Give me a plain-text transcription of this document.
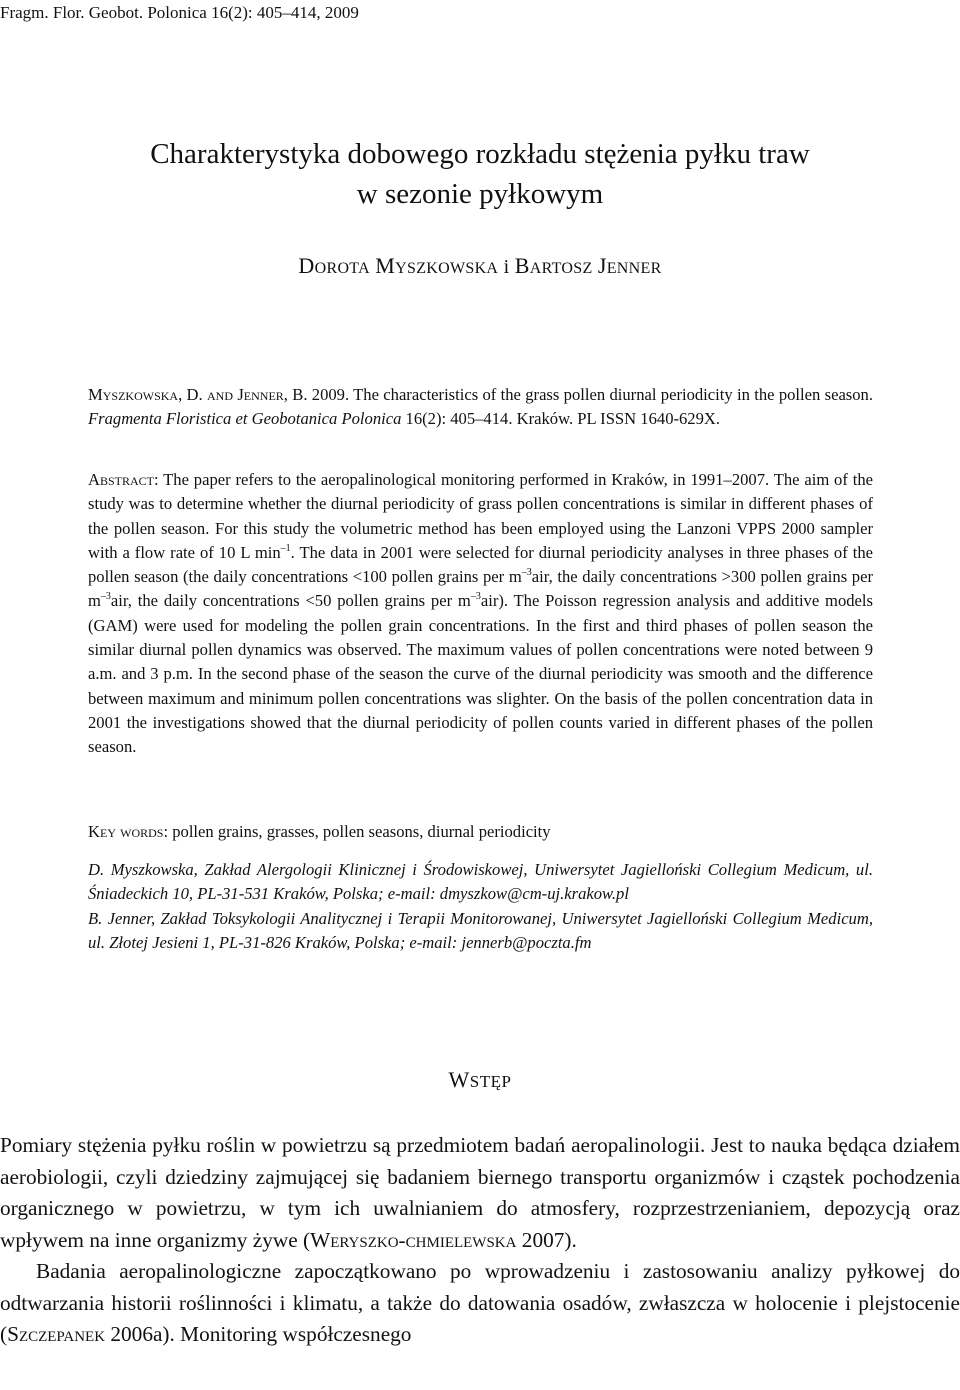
Fragm. Flor. Geobot. Polonica 16(2): 405–414, 2009
Charakterystyka dobowego rozkładu stężenia pyłku traw
w sezonie pyłkowym
DOROTA MYSZKOWSKA i BARTOSZ JENNER
Myszkowska, D. and Jenner, B. 2009. The characteristics of the grass pollen diurnal periodicity in the pollen season. Fragmenta Floristica et Geobotanica Polonica 16(2): 405–414. Kraków. PL ISSN 1640-629X.
Abstract: The paper refers to the aeropalinological monitoring performed in Kraków, in 1991–2007. The aim of the study was to determine whether the diurnal periodicity of grass pollen concentrations is similar in different phases of the pollen season. For this study the volumetric method has been employed using the Lanzoni VPPS 2000 sampler with a flow rate of 10 L $\min^{-1}$. The data in 2001 were selected for diurnal periodicity analyses in three phases of the pollen season (the daily concentrations <100 pollen grains per $m^{-3}air$, the daily concentrations >300 pollen grains per $m^{-3}air$, the daily concentrations <50 pollen grains per $m^{-3}air$). The Poisson regression analysis and additive models (GAM) were used for modeling the pollen grain concentrations. In the first and third phases of pollen season the similar diurnal pollen dynamics was observed. The maximum values of pollen concentrations were noted between 9 a.m. and 3 p.m. In the second phase of the season the curve of the diurnal periodicity was smooth and the difference between maximum and minimum pollen concentrations was slighter. On the basis of the pollen concentration data in 2001 the investigations showed that the diurnal periodicity of pollen counts varied in different phases of the pollen season.
Key words: pollen grains, grasses, pollen seasons, diurnal periodicity
D. Myszkowska, Zakład Alergologii Klinicznej i Środowiskowej, Uniwersytet Jagielloński Collegium Medicum, ul. Śniadeckich 10, PL-31-531 Kraków, Polska; e-mail: dmyszkow@cm-uj.krakow.pl
B. Jenner, Zakład Toksykologii Analitycznej i Terapii Monitorowanej, Uniwersytet Jagielloński Collegium Medicum, ul. Złotej Jesieni 1, PL-31-826 Kraków, Polska; e-mail: jennerb@poczta.fm
WSTĘP

Pomiary stężenia pyłku roślin w powietrzu są przedmiotem badań aeropalinologii. Jest to nauka będąca działem aerobiologii, czyli dziedziny zajmującej się badaniem biernego transportu organizmów i cząstek pochodzenia organicznego w powietrzu, w tym ich uwalnianiem do atmosfery, rozprzestrzenianiem, depozycją oraz wpływem na inne organizmy żywe (Weryszko-chmielewska 2007).

Badania aeropalinologiczne zapoczątkowano po wprowadzeniu i zastosowaniu analizy pyłkowej do odtwarzania historii roślinności i klimatu, a także do datowania osadów, zwłaszcza w holocenie i plejstocenie (Szczepanek 2006a). Monitoring współczesnego
